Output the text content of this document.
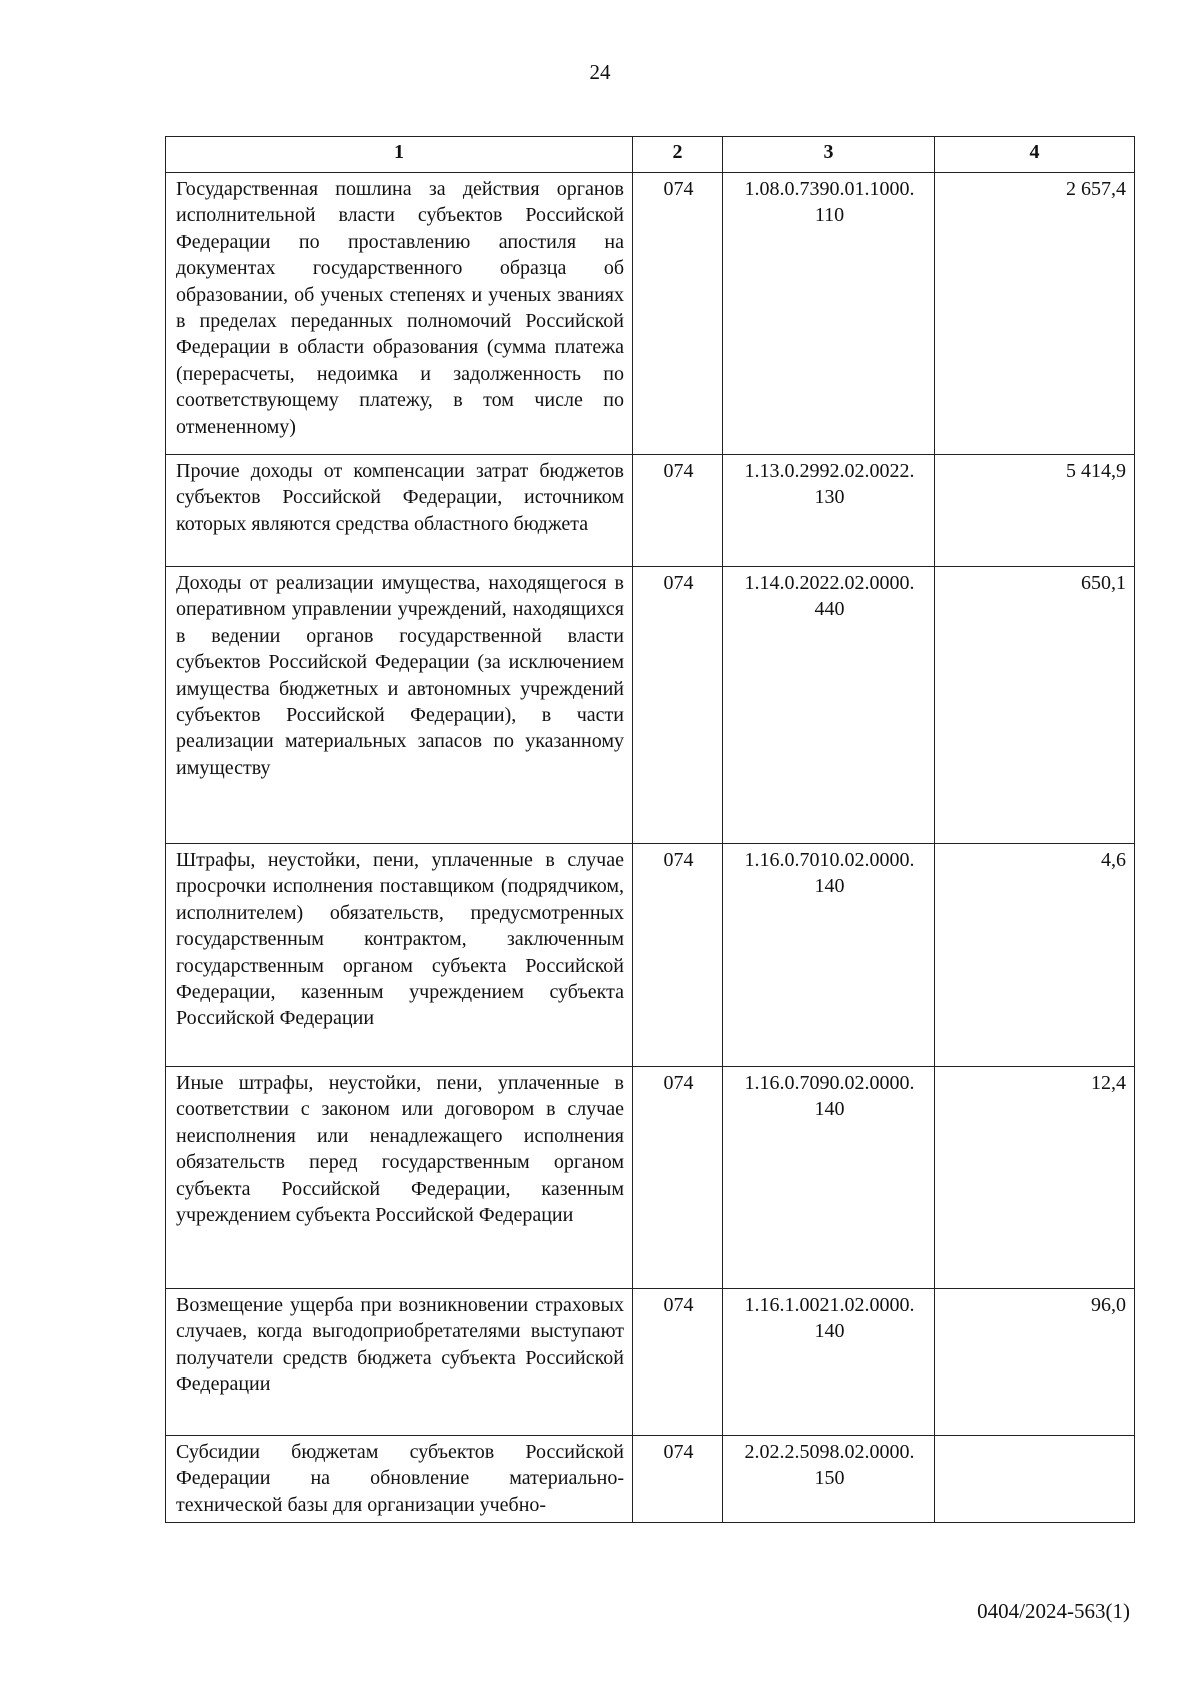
24
1	2	3	4
Государственная пошлина за действия органов исполнительной власти субъектов Российской Федерации по проставлению апостиля на документах государственного образца об образовании, об ученых степенях и ученых званиях в пределах переданных полномочий Российской Федерации в области образования (сумма платежа (перерасчеты, недоимка и задолженность по соответствующему платежу, в том числе по отмененному)	074	1.08.0.7390.01.1000. 110	2 657,4
Прочие доходы от компенсации затрат бюджетов субъектов Российской Федерации, источником которых являются средства областного бюджета	074	1.13.0.2992.02.0022. 130	5 414,9
Доходы от реализации имущества, находящегося в оперативном управлении учреждений, находящихся в ведении органов государственной власти субъектов Российской Федерации (за исключением имущества бюджетных и автономных учреждений субъектов Российской Федерации), в части реализации материальных запасов по указанному имуществу	074	1.14.0.2022.02.0000. 440	650,1
Штрафы, неустойки, пени, уплаченные в случае просрочки исполнения поставщиком (подрядчиком, исполнителем) обязательств, предусмотренных государственным контрактом, заключенным государственным органом субъекта Российской Федерации, казенным учреждением субъекта Российской Федерации	074	1.16.0.7010.02.0000. 140	4,6
Иные штрафы, неустойки, пени, уплаченные в соответствии с законом или договором в случае неисполнения или ненадлежащего исполнения обязательств перед государственным органом субъекта Российской Федерации, казенным учреждением субъекта Российской Федерации	074	1.16.0.7090.02.0000. 140	12,4
Возмещение ущерба при возникновении страховых случаев, когда выгодоприобретателями выступают получатели средств бюджета субъекта Российской Федерации	074	1.16.1.0021.02.0000. 140	96,0
Субсидии бюджетам субъектов Российской Федерации на обновление материально-технической базы для организации учебно-	074	2.02.2.5098.02.0000. 150	
0404/2024-563(1)
